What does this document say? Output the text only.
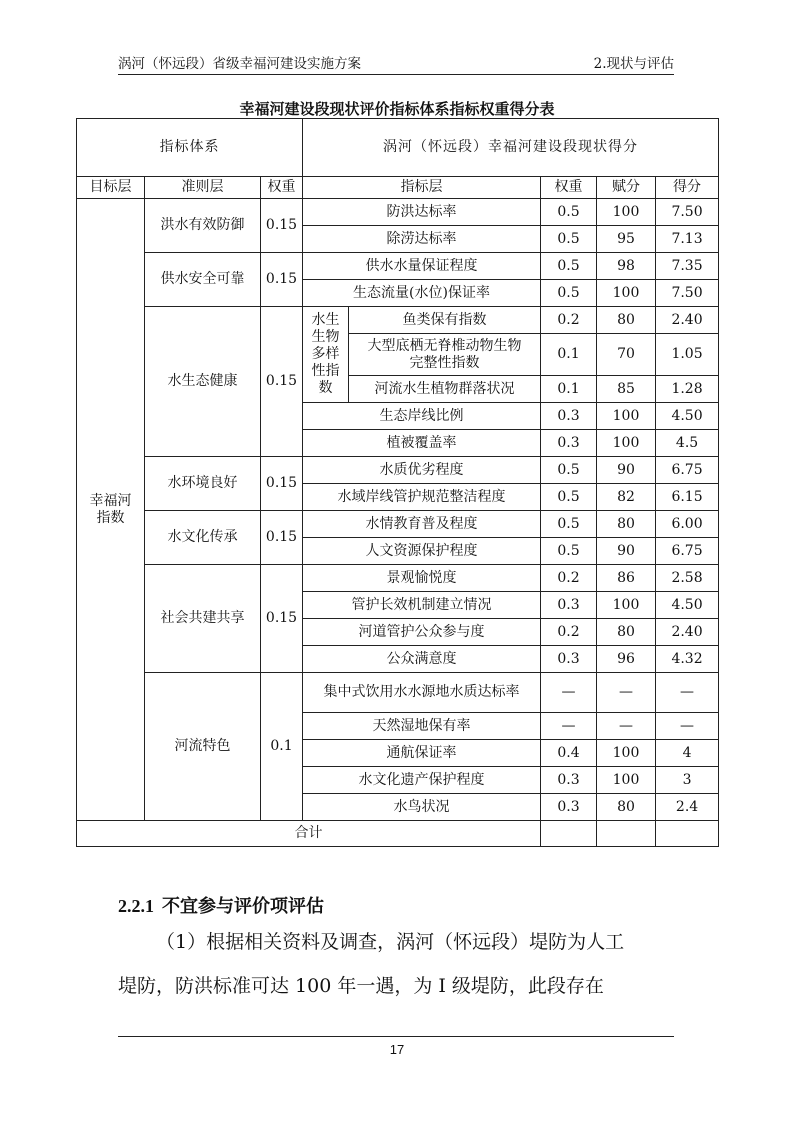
涡河（怀远段）省级幸福河建设实施方案	2.现状与评估
幸福河建设段现状评价指标体系指标权重得分表
指标体系			涡河（怀远段）幸福河建设段现状得分				
目标层	准则层	权重	指标层		权重	赋分	得分

幸福河指数	洪水有效防御	0.15	防洪达标率		0.5	100	7.50
			除涝达标率		0.5	95	7.13
	供水安全可靠	0.15	供水水量保证程度		0.5	98	7.35
			生态流量(水位)保证率		0.5	100	7.50
	水生态健康	0.15	水生生物多样性指数	鱼类保有指数	0.2	80	2.40

				大型底栖无脊椎动物生物完整性指数	0.1	70	1.05
				河流水生植物群落状况	0.1	85	1.28
			生态岸线比例		0.3	100	4.50
			植被覆盖率		0.3	100	4.5
	水环境良好	0.15	水质优劣程度		0.5	90	6.75
			水域岸线管护规范整洁程度		0.5	82	6.15
	水文化传承	0.15	水情教育普及程度		0.5	80	6.00
			人文资源保护程度		0.5	90	6.75
	社会共建共享	0.15	景观愉悦度		0.2	86	2.58
			管护长效机制建立情况		0.3	100	4.50
			河道管护公众参与度		0.2	80	2.40
			公众满意度		0.3	96	4.32
	河流特色	0.1	集中式饮用水水源地水质达标率		—	—	—
			天然湿地保有率		—	—	—
			通航保证率		0.4	100	4
			水文化遗产保护程度		0.3	100	3
			水鸟状况		0.3	80	2.4
合计							
2.2.1 不宜参与评价项评估
（1）根据相关资料及调查，涡河（怀远段）堤防为人工
堤防，防洪标准可达 100 年一遇，为 I 级堤防，此段存在
17
